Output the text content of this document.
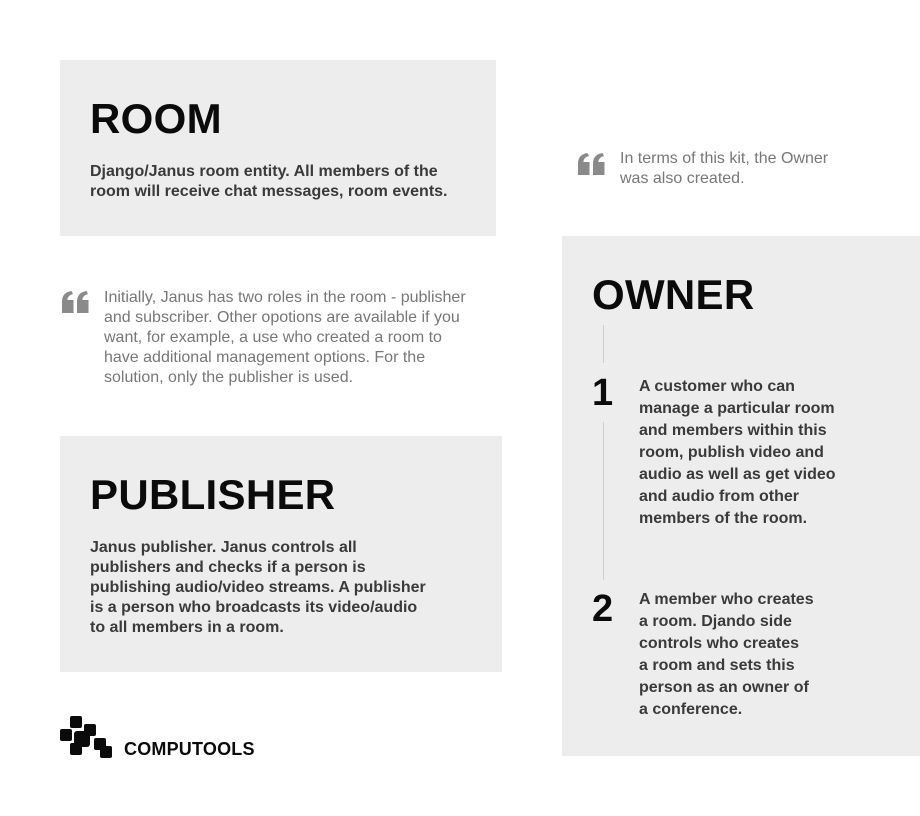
ROOM

Django/Janus room entity. All members of the
room will receive chat messages, room events.

In terms of this kit, the Owner
was also created.

Initially, Janus has two roles in the room - publisher
and subscriber. Other opotions are available if you
want, for example, a use who created a room to
have additional management options. For the
solution, only the publisher is used.

PUBLISHER

Janus publisher. Janus controls all
publishers and checks if a person is
publishing audio/video streams. A publisher
is a person who broadcasts its video/audio
to all members in a room.

OWNER
1 A customer who can
manage a particular room
and members within this
room, publish video and
audio as well as get video
and audio from other
members of the room.

2 A member who creates
a room. Djando side
controls who creates
a room and sets this
person as an owner of
a conference.

COMPUTOOLS
